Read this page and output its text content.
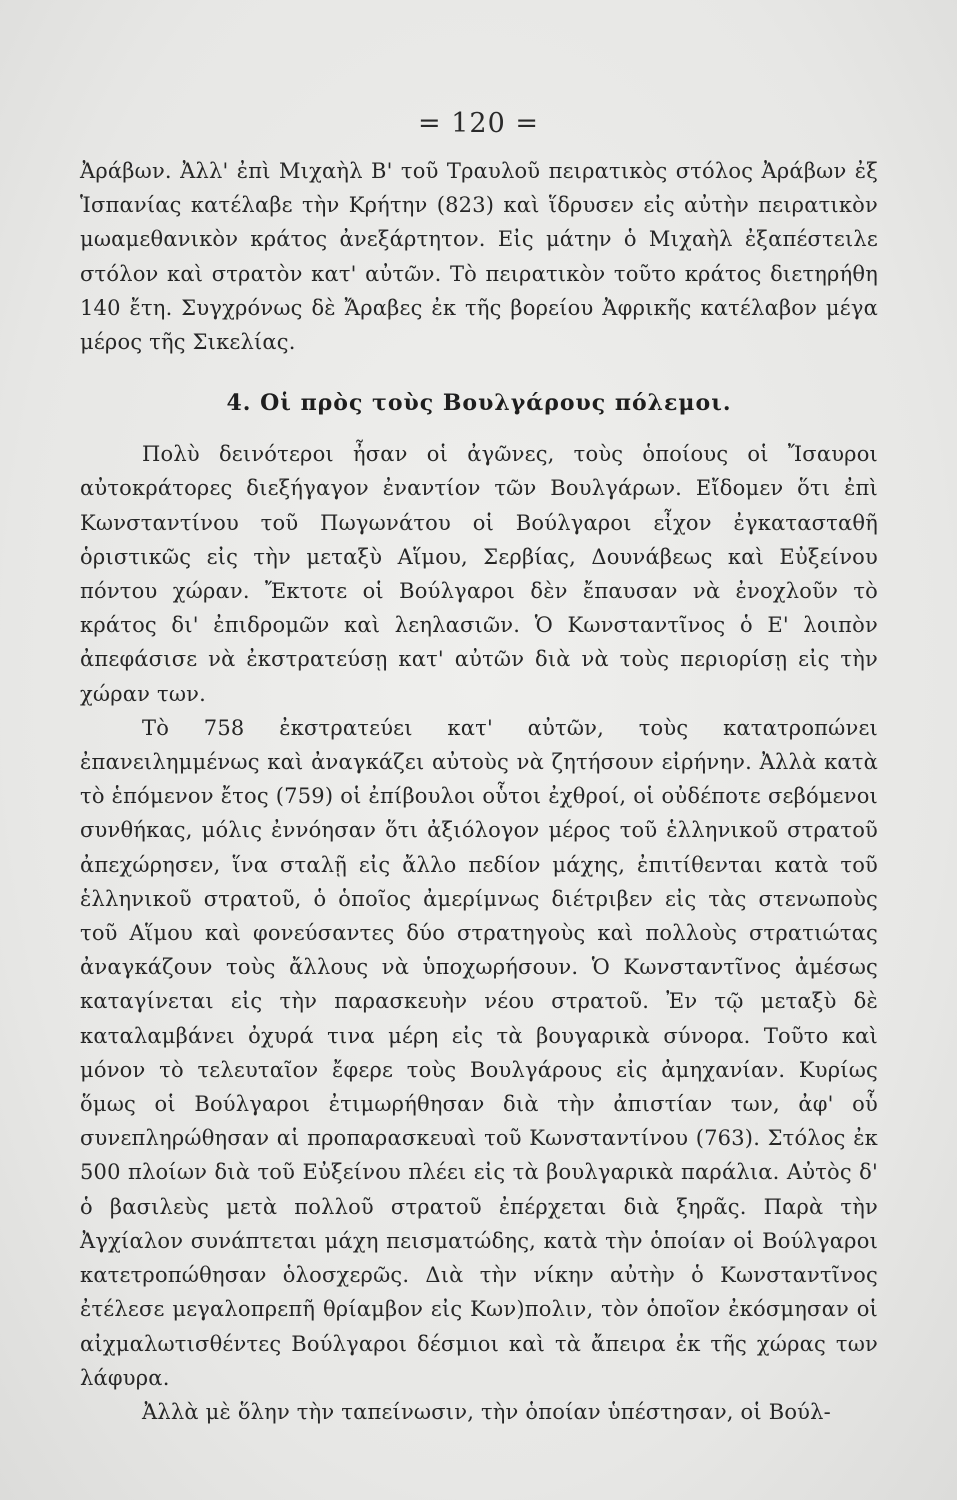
= 120 =

Ἀράβων. Ἀλλ' ἐπὶ Μιχαὴλ Β' τοῦ Τραυλοῦ πειρατικὸς στόλος Ἀράβων ἐξ Ἱσπανίας κατέλαβε τὴν Κρήτην (823) καὶ ἵδρυσεν εἰς αὐτὴν πειρατικὸν μωαμεθανικὸν κράτος ἀνεξάρτητον. Εἰς μάτην ὁ Μιχαὴλ ἐξαπέστειλε στόλον καὶ στρατὸν κατ' αὐτῶν. Τὸ πειρατικὸν τοῦτο κράτος διετηρήθη 140 ἔτη. Συγχρόνως δὲ Ἄραβες ἐκ τῆς βορείου Ἀφρικῆς κατέλαβον μέγα μέρος τῆς Σικελίας.

4. Οἱ πρὸς τοὺς Βουλγάρους πόλεμοι.

Πολὺ δεινότεροι ἦσαν οἱ ἀγῶνες, τοὺς ὁποίους οἱ Ἴσαυροι αὐτοκράτορες διεξήγαγον ἐναντίον τῶν Βουλγάρων. Εἴδομεν ὅτι ἐπὶ Κωνσταντίνου τοῦ Πωγωνάτου οἱ Βούλγαροι εἶχον ἐγκατασταθῆ ὁριστικῶς εἰς τὴν μεταξὺ Αἵμου, Σερβίας, Δουνάβεως καὶ Εὐξείνου πόντου χώραν. Ἔκτοτε οἱ Βούλγαροι δὲν ἔπαυσαν νὰ ἐνοχλοῦν τὸ κράτος δι' ἐπιδρομῶν καὶ λεηλασιῶν. Ὁ Κωνσταντῖνος ὁ Ε' λοιπὸν ἀπεφάσισε νὰ ἐκστρατεύσῃ κατ' αὐτῶν διὰ νὰ τοὺς περιορίσῃ εἰς τὴν χώραν των.

Τὸ 758 ἐκστρατεύει κατ' αὐτῶν, τοὺς κατατροπώνει ἐπανειλημμένως καὶ ἀναγκάζει αὐτοὺς νὰ ζητήσουν εἰρήνην. Ἀλλὰ κατὰ τὸ ἑπόμενον ἔτος (759) οἱ ἐπίβουλοι οὗτοι ἐχθροί, οἱ οὐδέποτε σεβόμενοι συνθήκας, μόλις ἐννόησαν ὅτι ἀξιόλογον μέρος τοῦ ἑλληνικοῦ στρατοῦ ἀπεχώρησεν, ἵνα σταλῇ εἰς ἄλλο πεδίον μάχης, ἐπιτίθενται κατὰ τοῦ ἑλληνικοῦ στρατοῦ, ὁ ὁποῖος ἀμερίμνως διέτριβεν εἰς τὰς στενωποὺς τοῦ Αἵμου καὶ φονεύσαντες δύο στρατηγοὺς καὶ πολλοὺς στρατιώτας ἀναγκάζουν τοὺς ἄλλους νὰ ὑποχωρήσουν. Ὁ Κωνσταντῖνος ἀμέσως καταγίνεται εἰς τὴν παρασκευὴν νέου στρατοῦ. Ἐν τῷ μεταξὺ δὲ καταλαμβάνει ὀχυρά τινα μέρη εἰς τὰ βουγαρικὰ σύνορα. Τοῦτο καὶ μόνον τὸ τελευταῖον ἔφερε τοὺς Βουλγάρους εἰς ἀμηχανίαν. Κυρίως ὅμως οἱ Βούλγαροι ἐτιμωρήθησαν διὰ τὴν ἀπιστίαν των, ἀφ' οὗ συνεπληρώθησαν αἱ προπαρασκευαὶ τοῦ Κωνσταντίνου (763). Στόλος ἐκ 500 πλοίων διὰ τοῦ Εὐξείνου πλέει εἰς τὰ βουλγαρικὰ παράλια. Αὐτὸς δ' ὁ βασιλεὺς μετὰ πολλοῦ στρατοῦ ἐπέρχεται διὰ ξηρᾶς. Παρὰ τὴν Ἀγχίαλον συνάπτεται μάχη πεισματώδης, κατὰ τὴν ὁποίαν οἱ Βούλγαροι κατετροπώθησαν ὁλοσχερῶς. Διὰ τὴν νίκην αὐτὴν ὁ Κωνσταντῖνος ἐτέλεσε μεγαλοπρεπῆ θρίαμβον εἰς Κων)πολιν, τὸν ὁποῖον ἐκόσμησαν οἱ αἰχμαλωτισθέντες Βούλγαροι δέσμιοι καὶ τὰ ἄπειρα ἐκ τῆς χώρας των λάφυρα.

Ἀλλὰ μὲ ὅλην τὴν ταπείνωσιν, τὴν ὁποίαν ὑπέστησαν, οἱ Βούλ-
